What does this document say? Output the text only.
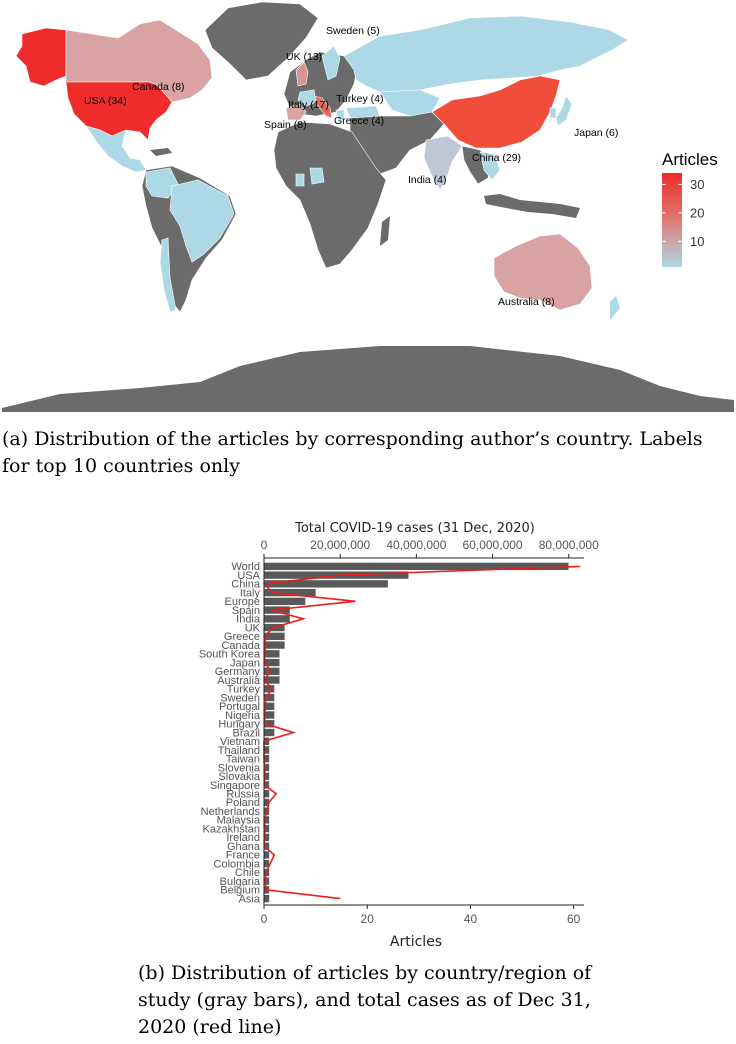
Sweden (5)
UK (13)
Canada (8)
USA (34)	Italy (17) Turkey (4)
Spain (8)	Greece (4)
Japan (6)
China (29)
India (4)
Australia (8)
Articles
30
20
10
(a) Distribution of the articles by corresponding author’s country. Labels for top 10 countries only
Total COVID-19 cases (31 Dec, 2020)
0	20,000,000 40,000,000 60,000,000 80,000,000
World
USA
China
Italy
Europe
Spain
India
UK
Greece
Canada
South Korea
Japan
Germany
Australia
Turkey
Sweden
Portugal
Nigeria
Hungary
Brazil
Vietnam
Thailand
Taiwan
Slovenia
Slovakia
Singapore
Russia
Poland
Netherlands
Malaysia
Kazakhstan
Ireland
Ghana
France
Colombia
Chile
Bulgaria
Belgium
Asia
0	20	40	60
Articles
(b) Distribution of articles by country/region of study (gray bars), and total cases as of Dec 31, 2020 (red line)
